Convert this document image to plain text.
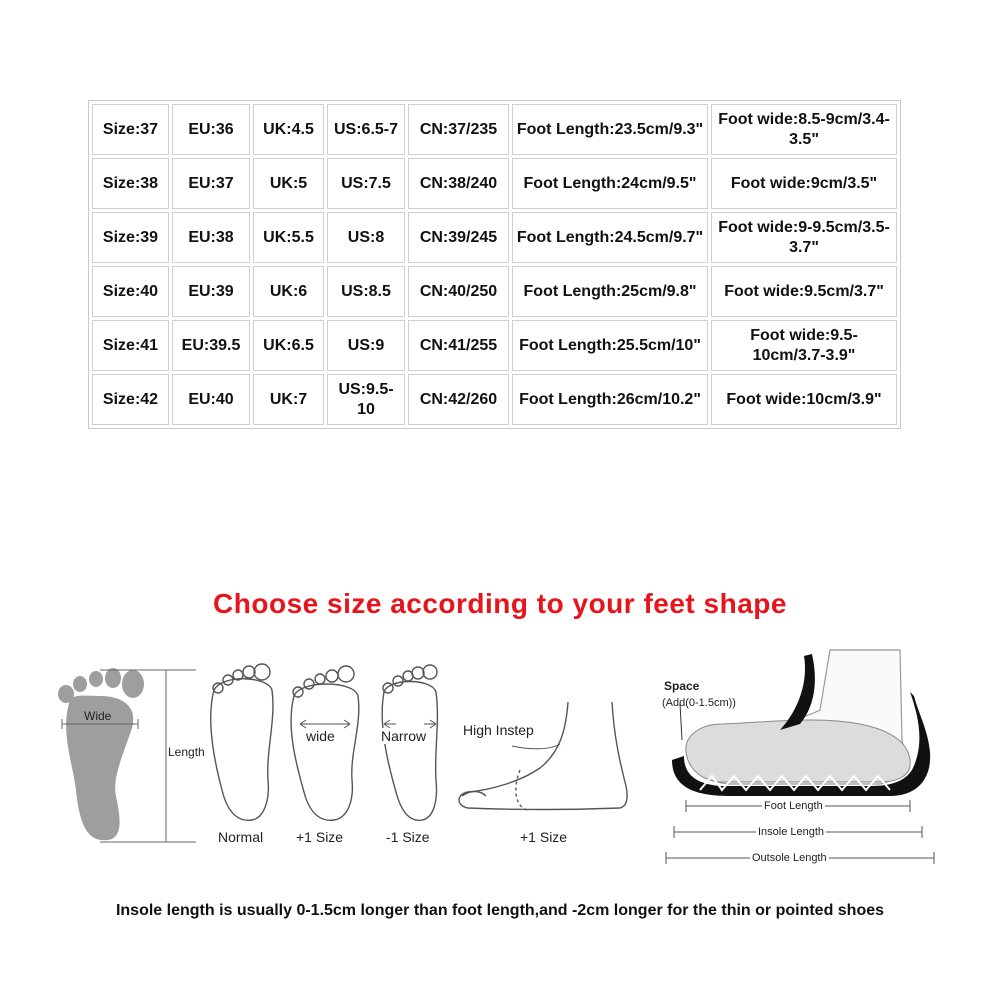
Size:37	EU:36	UK:4.5	US:6.5-7	CN:37/235	Foot Length:23.5cm/9.3"	Foot wide:8.5-9cm/3.4-3.5"
Size:38	EU:37	UK:5	US:7.5	CN:38/240	Foot Length:24cm/9.5"	Foot wide:9cm/3.5"
Size:39	EU:38	UK:5.5	US:8	CN:39/245	Foot Length:24.5cm/9.7"	Foot wide:9-9.5cm/3.5-3.7"
Size:40	EU:39	UK:6	US:8.5	CN:40/250	Foot Length:25cm/9.8"	Foot wide:9.5cm/3.7"
Size:41	EU:39.5	UK:6.5	US:9	CN:41/255	Foot Length:25.5cm/10"	Foot wide:9.5-10cm/3.7-3.9"
Size:42	EU:40	UK:7	US:9.5-10	CN:42/260	Foot Length:26cm/10.2"	Foot wide:10cm/3.9"
Choose size according to your feet shape
Wide
Length
Normal
wide
+1 Size
Narrow
-1 Size
High Instep
+1 Size
Space
(Add(0-1.5cm))
Foot Length
Insole Length
Outsole Length

Insole length is usually 0-1.5cm longer than foot length,and -2cm longer for the thin or pointed shoes
